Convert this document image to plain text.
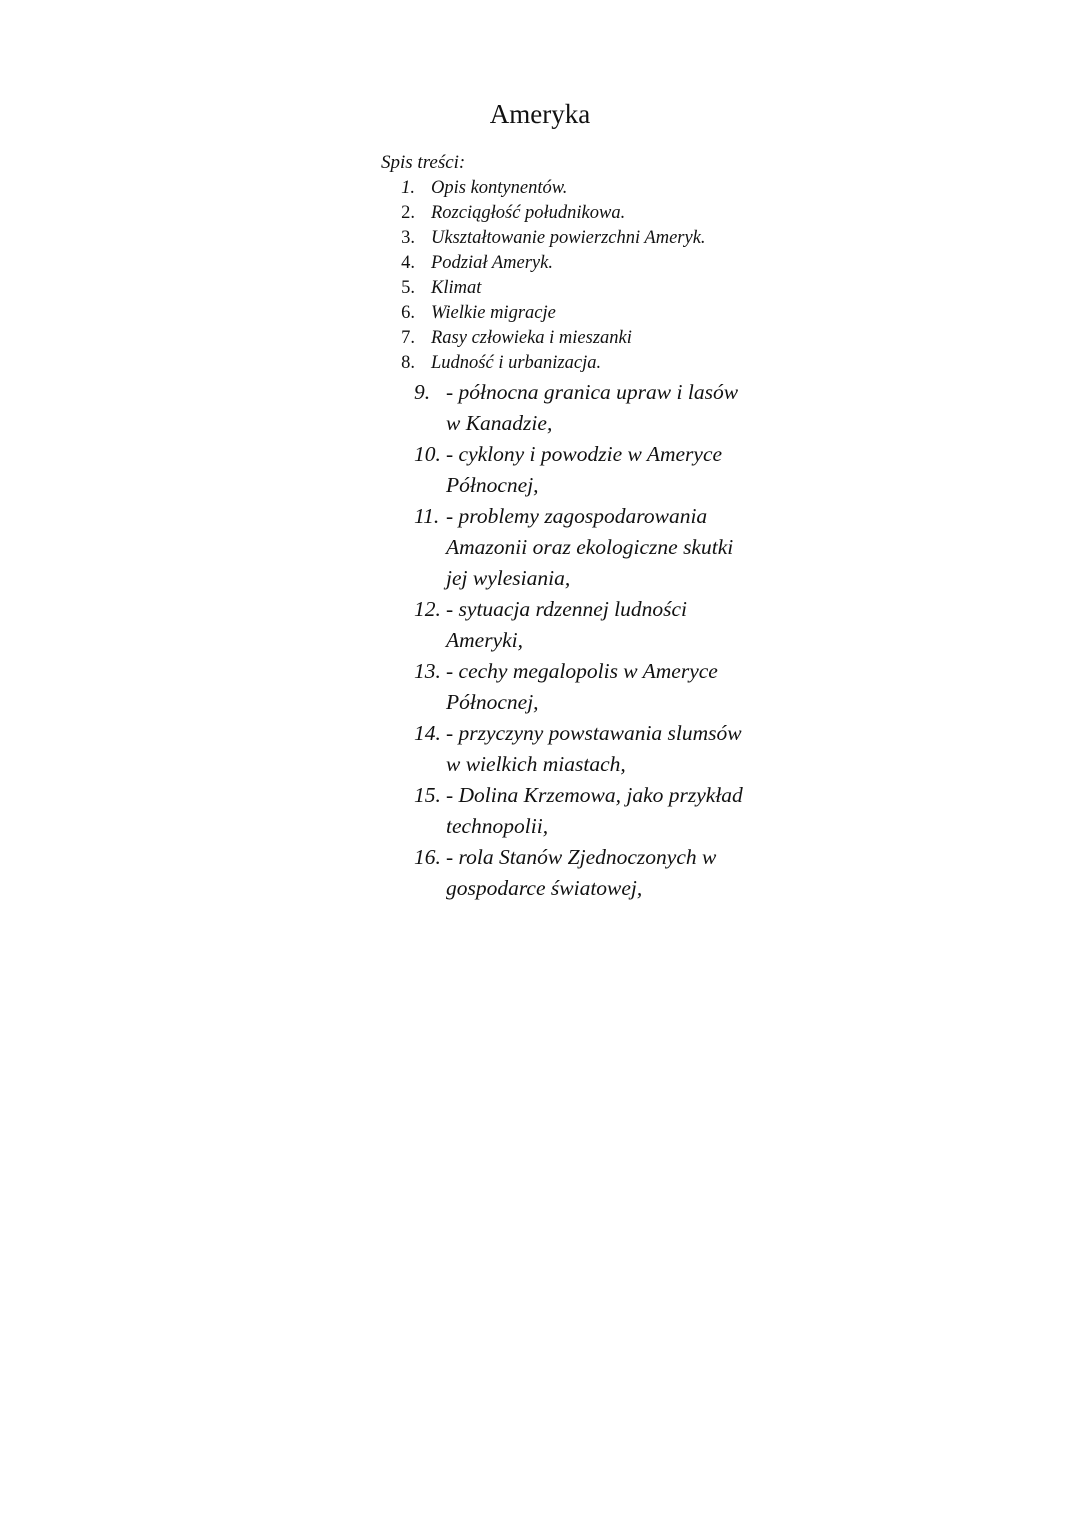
Ameryka
Spis treści:
1. Opis kontynentów.
2. Rozciągłość południkowa.
3. Ukształtowanie powierzchni Ameryk.
4. Podział Ameryk.
5. Klimat
6. Wielkie migracje
7. Rasy człowieka i mieszanki
8. Ludność i urbanizacja.
9. - północna granica upraw i lasów
w Kanadzie,
10. - cyklony i powodzie w Ameryce
Północnej,
11. - problemy zagospodarowania
Amazonii oraz ekologiczne skutki jej wylesiania,
12. - sytuacja rdzennej ludności
Ameryki,
13. - cechy megalopolis w Ameryce
Północnej,
14. - przyczyny powstawania slumsów
w wielkich miastach,
15. - Dolina Krzemowa, jako przykład
technopolii,
16. - rola Stanów Zjednoczonych w
gospodarce światowej,
